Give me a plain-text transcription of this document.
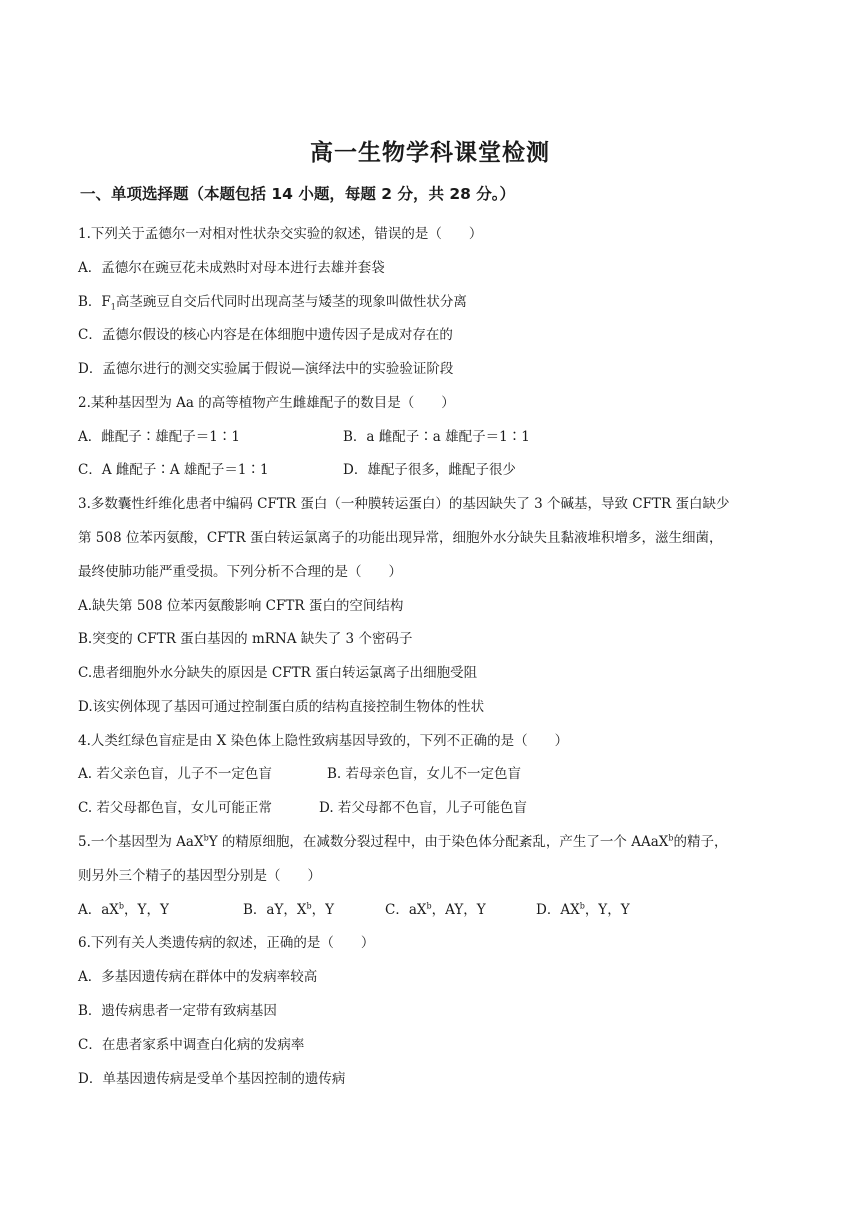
高一生物学科课堂检测
一、单项选择题（本题包括 14 小题，每题 2 分，共 28 分。）
1.下列关于孟德尔一对相对性状杂交实验的叙述，错误的是（　　）
A．孟德尔在豌豆花未成熟时对母本进行去雄并套袋
B．$F_1$高茎豌豆自交后代同时出现高茎与矮茎的现象叫做性状分离
C．孟德尔假设的核心内容是在体细胞中遗传因子是成对存在的
D．孟德尔进行的测交实验属于假说—演绎法中的实验验证阶段
2.某种基因型为 Aa 的高等植物产生雌雄配子的数目是（　　）
A．雌配子∶雄配子＝1∶1	B．a 雌配子∶a 雄配子＝1∶1
C．A 雌配子∶A 雄配子＝1∶1	D．雄配子很多，雌配子很少
3.多数囊性纤维化患者中编码 CFTR 蛋白（一种膜转运蛋白）的基因缺失了 3 个碱基，导致 CFTR 蛋白缺少
第 508 位苯丙氨酸，CFTR 蛋白转运氯离子的功能出现异常，细胞外水分缺失且黏液堆积增多，滋生细菌，
最终使肺功能严重受损。下列分析不合理的是（　　）
A.缺失第 508 位苯丙氨酸影响 CFTR 蛋白的空间结构
B.突变的 CFTR 蛋白基因的 mRNA 缺失了 3 个密码子
C.患者细胞外水分缺失的原因是 CFTR 蛋白转运氯离子出细胞受阻
D.该实例体现了基因可通过控制蛋白质的结构直接控制生物体的性状
4.人类红绿色盲症是由 X 染色体上隐性致病基因导致的，下列不正确的是（　　）
A. 若父亲色盲，儿子不一定色盲	B. 若母亲色盲，女儿不一定色盲
C. 若父母都色盲，女儿可能正常	D. 若父母都不色盲，儿子可能色盲
5.一个基因型为 AaX$^b$Y 的精原细胞，在减数分裂过程中，由于染色体分配紊乱，产生了一个 AAaX$^b$的精子，
则另外三个精子的基因型分别是（　　）
A．$aX^b$，Y，Y	B．aY，$X^b$，Y	C．$aX^b$，AY，Y	D．$AX^b$，Y，Y
6.下列有关人类遗传病的叙述，正确的是（　　）
A．多基因遗传病在群体中的发病率较高
B．遗传病患者一定带有致病基因
C．在患者家系中调查白化病的发病率
D．单基因遗传病是受单个基因控制的遗传病
